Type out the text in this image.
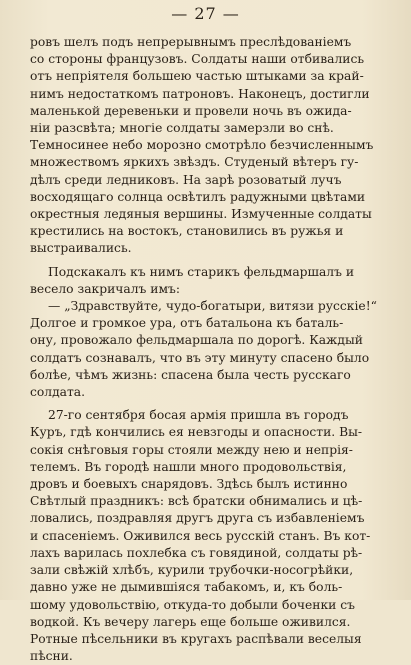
— 27 —

ровъ шелъ подъ непрерывнымъ преслѣдованiемъ
со стороны французовъ. Солдаты наши отбивались
отъ непрiятеля большею частью штыками за край-
нимъ недостаткомъ патроновъ. Наконецъ, достигли
маленькой деревеньки и провели ночь въ ожида-
нiи разсвѣта; многiе солдаты замерзли во снѣ.
Темносинее небо морозно смотрѣло безчисленнымъ
множествомъ яркихъ звѣздъ. Студеный вѣтеръ гу-
дѣлъ среди ледниковъ. На зарѣ розоватый лучъ
восходящаго солнца освѣтилъ радужными цвѣтами
окрестныя ледяныя вершины. Измученные солдаты
крестились на востокъ, становились въ ружья и
выстраивались.

Подскакалъ къ нимъ старикъ фельдмаршалъ и
весело закричалъ имъ:

— „Здравствуйте, чудо-богатыри, витязи русскiе!“
Долгое и громкое ура, отъ батальона къ баталь-
ону, провожало фельдмаршала по дорогѣ. Каждый
солдатъ сознавалъ, что въ эту минуту спасено было
болѣе, чѣмъ жизнь: спасена была честь русскаго
солдата.

27-го сентября босая армiя пришла въ городъ
Куръ, гдѣ кончились ея невзгоды и опасности. Вы-
сокiя снѣговыя горы стояли между нею и непрiя-
телемъ. Въ городѣ нашли много продовольствiя,
дровъ и боевыхъ снарядовъ. Здѣсь былъ истинно
Свѣтлый праздникъ: всѣ братски обнимались и цѣ-
ловались, поздравляя другъ друга съ избавленiемъ
и спасенiемъ. Оживился весь русскiй станъ. Въ кот-
лахъ варилась похлебка съ говядиной, солдаты рѣ-
зали свѣжiй хлѣбъ, курили трубочки-носогрѣйки,
давно уже не дымившiяся табакомъ, и, къ боль-
шому удовольствiю, откуда-то добыли боченки съ
водкой. Къ вечеру лагерь еще больше оживился.
Ротные пѣсельники въ кругахъ распѣвали веселыя
пѣсни.
